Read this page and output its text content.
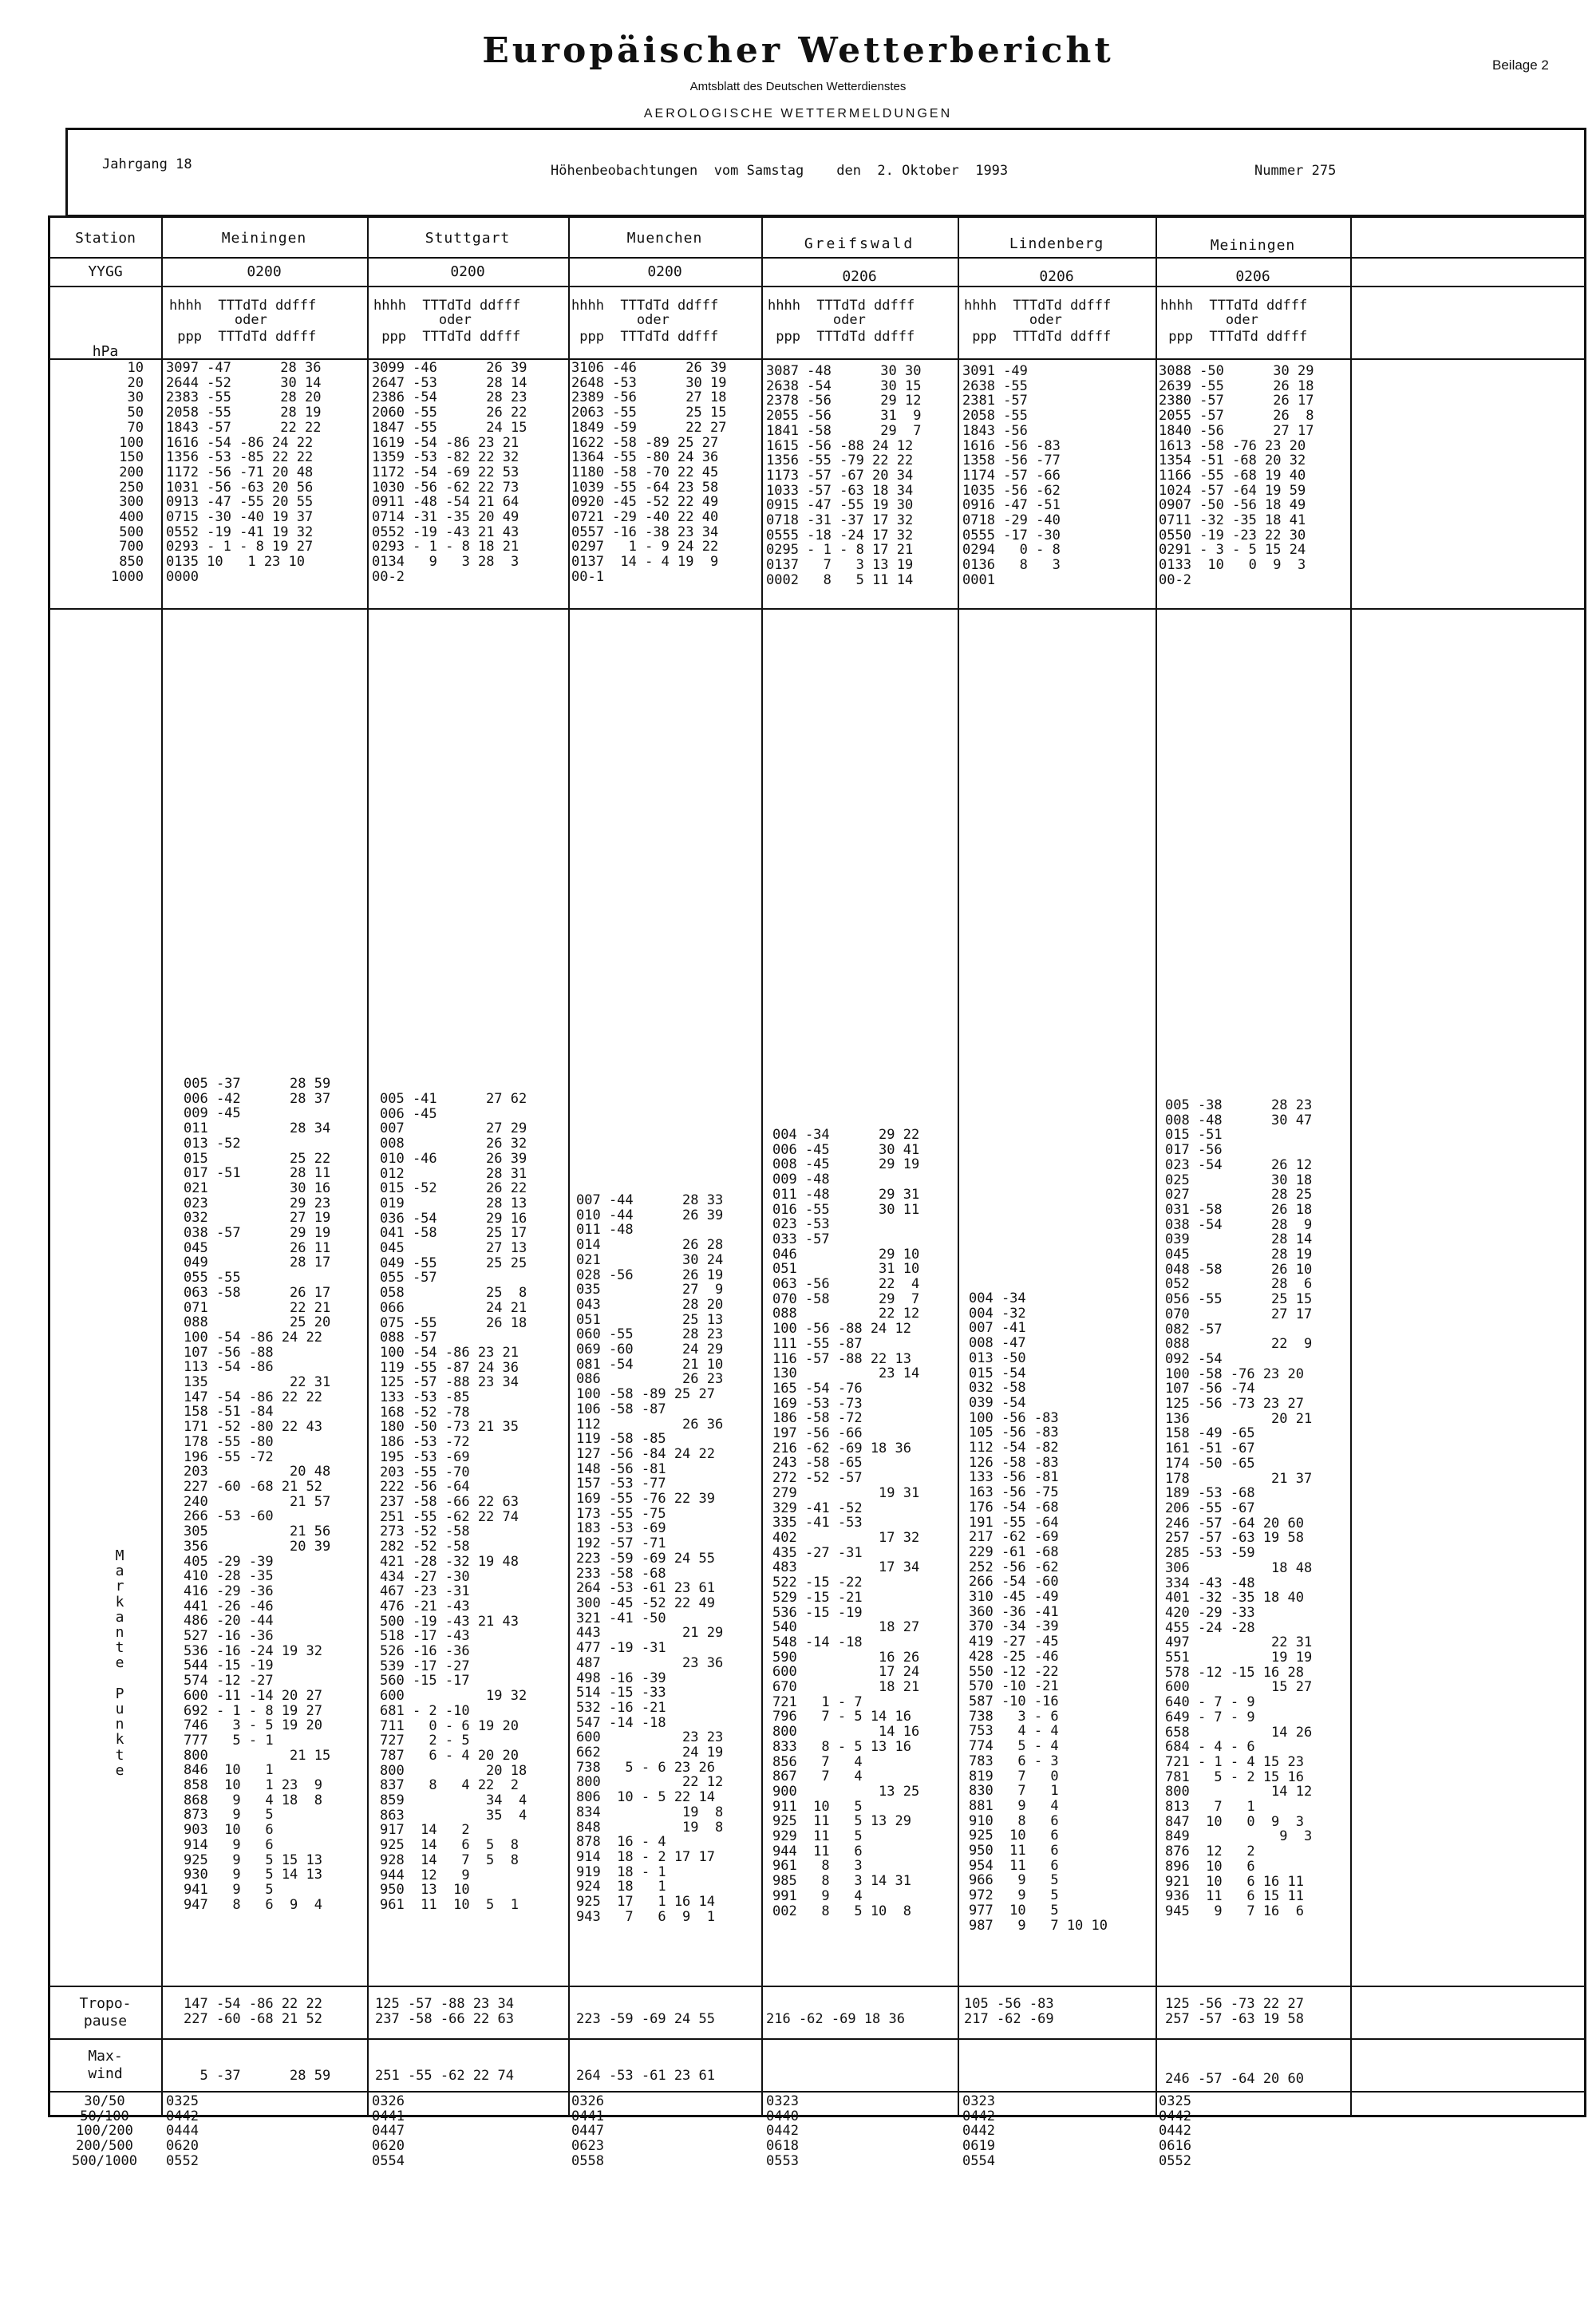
Europäischer Wetterbericht
Amtsblatt des Deutschen Wetterdienstes
AEROLOGISCHE WETTERMELDUNGEN
Beilage 2
Jahrgang 18	Höhenbeobachtungen  vom Samstag    den  2. Oktober  1993	Nummer 275
Station
YYGG
hPa
10
20
30
50
70
100
150
200
250
300
400
500
700
850
1000
M
a
r
k
a
n
t
e

P
u
n
k
t
e
Tropo-
pause
Max-
wind
30/50
50/100
100/200
200/500
500/1000
Meiningen
0200
hhhh  TTTdTd ddfff
oder
ppp  TTTdTd ddfff
3097 -47      28 36
2644 -52      30 14
2383 -55      28 20
2058 -55      28 19
1843 -57      22 22
1616 -54 -86 24 22
1356 -53 -85 22 22
1172 -56 -71 20 48
1031 -56 -63 20 56
0913 -47 -55 20 55
0715 -30 -40 19 37
0552 -19 -41 19 32
0293 - 1 - 8 19 27
0135 10   1 23 10
0000
005 -37      28 59
006 -42      28 37
009 -45
011          28 34
013 -52
015          25 22
017 -51      28 11
021          30 16
023          29 23
032          27 19
038 -57      29 19
045          26 11
049          28 17
055 -55
063 -58      26 17
071          22 21
088          25 20
100 -54 -86 24 22
107 -56 -88
113 -54 -86
135          22 31
147 -54 -86 22 22
158 -51 -84
171 -52 -80 22 43
178 -55 -80
196 -55 -72
203          20 48
227 -60 -68 21 52
240          21 57
266 -53 -60
305          21 56
356          20 39
405 -29 -39
410 -28 -35
416 -29 -36
441 -26 -46
486 -20 -44
527 -16 -36
536 -16 -24 19 32
544 -15 -19
574 -12 -27
600 -11 -14 20 27
692 - 1 - 8 19 27
746   3 - 5 19 20
777   5 - 1
800          21 15
846  10   1
858  10   1 23  9
868   9   4 18  8
873   9   5
903  10   6
914   9   6
925   9   5 15 13
930   9   5 14 13
941   9   5
947   8   6  9  4
147 -54 -86 22 22
227 -60 -68 21 52
5 -37      28 59
0325
0442
0444
0620
0552
Stuttgart
0200
hhhh  TTTdTd ddfff
oder
ppp  TTTdTd ddfff
3099 -46      26 39
2647 -53      28 14
2386 -54      28 23
2060 -55      26 22
1847 -55      24 15
1619 -54 -86 23 21
1359 -53 -82 22 32
1172 -54 -69 22 53
1030 -56 -62 22 73
0911 -48 -54 21 64
0714 -31 -35 20 49
0552 -19 -43 21 43
0293 - 1 - 8 18 21
0134   9   3 28  3
00-2
005 -41      27 62
006 -45
007          27 29
008          26 32
010 -46      26 39
012          28 31
015 -52      26 22
019          28 13
036 -54      29 16
041 -58      25 17
045          27 13
049 -55      25 25
055 -57
058          25  8
066          24 21
075 -55      26 18
088 -57
100 -54 -86 23 21
119 -55 -87 24 36
125 -57 -88 23 34
133 -53 -85
168 -52 -78
180 -50 -73 21 35
186 -53 -72
195 -53 -69
203 -55 -70
222 -56 -64
237 -58 -66 22 63
251 -55 -62 22 74
273 -52 -58
282 -52 -58
421 -28 -32 19 48
434 -27 -30
467 -23 -31
476 -21 -43
500 -19 -43 21 43
518 -17 -43
526 -16 -36
539 -17 -27
560 -15 -17
600          19 32
681 - 2 -10
711   0 - 6 19 20
727   2 - 5
787   6 - 4 20 20
800          20 18
837   8   4 22  2
859          34  4
863          35  4
917  14   2
925  14   6  5  8
928  14   7  5  8
944  12   9
950  13  10
961  11  10  5  1
125 -57 -88 23 34
237 -58 -66 22 63
251 -55 -62 22 74
0326
0441
0447
0620
0554
Muenchen
0200
hhhh  TTTdTd ddfff
oder
ppp  TTTdTd ddfff
3106 -46      26 39
2648 -53      30 19
2389 -56      27 18
2063 -55      25 15
1849 -59      22 27
1622 -58 -89 25 27
1364 -55 -80 24 36
1180 -58 -70 22 45
1039 -55 -64 23 58
0920 -45 -52 22 49
0721 -29 -40 22 40
0557 -16 -38 23 34
0297   1 - 9 24 22
0137  14 - 4 19  9
00-1
007 -44      28 33
010 -44      26 39
011 -48
014          26 28
021          30 24
028 -56      26 19
035          27  9
043          28 20
051          25 13
060 -55      28 23
069 -60      24 29
081 -54      21 10
086          26 23
100 -58 -89 25 27
106 -58 -87
112          26 36
119 -58 -85
127 -56 -84 24 22
148 -56 -81
157 -53 -77
169 -55 -76 22 39
173 -55 -75
183 -53 -69
192 -57 -71
223 -59 -69 24 55
233 -58 -68
264 -53 -61 23 61
300 -45 -52 22 49
321 -41 -50
443          21 29
477 -19 -31
487          23 36
498 -16 -39
514 -15 -33
532 -16 -21
547 -14 -18
600          23 23
662          24 19
738   5 - 6 23 26
800          22 12
806  10 - 5 22 14
834          19  8
848          19  8
878  16 - 4
914  18 - 2 17 17
919  18 - 1
924  18   1
925  17   1 16 14
943   7   6  9  1

223 -59 -69 24 55
264 -53 -61 23 61
0326
0441
0447
0623
0558
Greifswald
0206
hhhh  TTTdTd ddfff
oder
ppp  TTTdTd ddfff
3087 -48      30 30
2638 -54      30 15
2378 -56      29 12
2055 -56      31  9
1841 -58      29  7
1615 -56 -88 24 12
1356 -55 -79 22 22
1173 -57 -67 20 34
1033 -57 -63 18 34
0915 -47 -55 19 30
0718 -31 -37 17 32
0555 -18 -24 17 32
0295 - 1 - 8 17 21
0137   7   3 13 19
0002   8   5 11 14
004 -34      29 22
006 -45      30 41
008 -45      29 19
009 -48
011 -48      29 31
016 -55      30 11
023 -53
033 -57
046          29 10
051          31 10
063 -56      22  4
070 -58      29  7
088          22 12
100 -56 -88 24 12
111 -55 -87
116 -57 -88 22 13
130          23 14
165 -54 -76
169 -53 -73
186 -58 -72
197 -56 -66
216 -62 -69 18 36
243 -58 -65
272 -52 -57
279          19 31
329 -41 -52
335 -41 -53
402          17 32
435 -27 -31
483          17 34
522 -15 -22
529 -15 -21
536 -15 -19
540          18 27
548 -14 -18
590          16 26
600          17 24
670          18 21
721   1 - 7
796   7 - 5 14 16
800          14 16
833   8 - 5 13 16
856   7   4
867   7   4
900          13 25
911  10   5
925  11   5 13 29
929  11   5
944  11   6
961   8   3
985   8   3 14 31
991   9   4
002   8   5 10  8

216 -62 -69 18 36
0323
0440
0442
0618
0553
Lindenberg
0206
hhhh  TTTdTd ddfff
oder
ppp  TTTdTd ddfff
3091 -49
2638 -55
2381 -57
2058 -55
1843 -56
1616 -56 -83
1358 -56 -77
1174 -57 -66
1035 -56 -62
0916 -47 -51
0718 -29 -40
0555 -17 -30
0294   0 - 8
0136   8   3
0001
004 -34
004 -32
007 -41
008 -47
013 -50
015 -54
032 -58
039 -54
100 -56 -83
105 -56 -83
112 -54 -82
126 -58 -83
133 -56 -81
163 -56 -75
176 -54 -68
191 -55 -64
217 -62 -69
229 -61 -68
252 -56 -62
266 -54 -60
310 -45 -49
360 -36 -41
370 -34 -39
419 -27 -45
428 -25 -46
550 -12 -22
570 -10 -21
587 -10 -16
738   3 - 6
753   4 - 4
774   5 - 4
783   6 - 3
819   7   0
830   7   1
881   9   4
910   8   6
925  10   6
950  11   6
954  11   6
966   9   5
972   9   5
977  10   5
987   9   7 10 10
105 -56 -83
217 -62 -69
0323
0442
0442
0619
0554
Meiningen
0206
hhhh  TTTdTd ddfff
oder
ppp  TTTdTd ddfff
3088 -50      30 29
2639 -55      26 18
2380 -57      26 17
2055 -57      26  8
1840 -56      27 17
1613 -58 -76 23 20
1354 -51 -68 20 32
1166 -55 -68 19 40
1024 -57 -64 19 59
0907 -50 -56 18 49
0711 -32 -35 18 41
0550 -19 -23 22 30
0291 - 3 - 5 15 24
0133  10   0  9  3
00-2
005 -38      28 23
008 -48      30 47
015 -51
017 -56
023 -54      26 12
025          30 18
027          28 25
031 -58      26 18
038 -54      28  9
039          28 14
045          28 19
048 -58      26 10
052          28  6
056 -55      25 15
070          27 17
082 -57
088          22  9
092 -54
100 -58 -76 23 20
107 -56 -74
125 -56 -73 23 27
136          20 21
158 -49 -65
161 -51 -67
174 -50 -65
178          21 37
189 -53 -68
206 -55 -67
246 -57 -64 20 60
257 -57 -63 19 58
285 -53 -59
306          18 48
334 -43 -48
401 -32 -35 18 40
420 -29 -33
455 -24 -28
497          22 31
551          19 19
578 -12 -15 16 28
600          15 27
640 - 7 - 9
649 - 7 - 9
658          14 26
684 - 4 - 6
721 - 1 - 4 15 23
781   5 - 2 15 16
800          14 12
813   7   1
847  10   0  9  3
849           9  3
876  12   2
896  10   6
921  10   6 16 11
936  11   6 15 11
945   9   7 16  6
125 -56 -73 22 27
257 -57 -63 19 58
246 -57 -64 20 60
0325
0442
0442
0616
0552
